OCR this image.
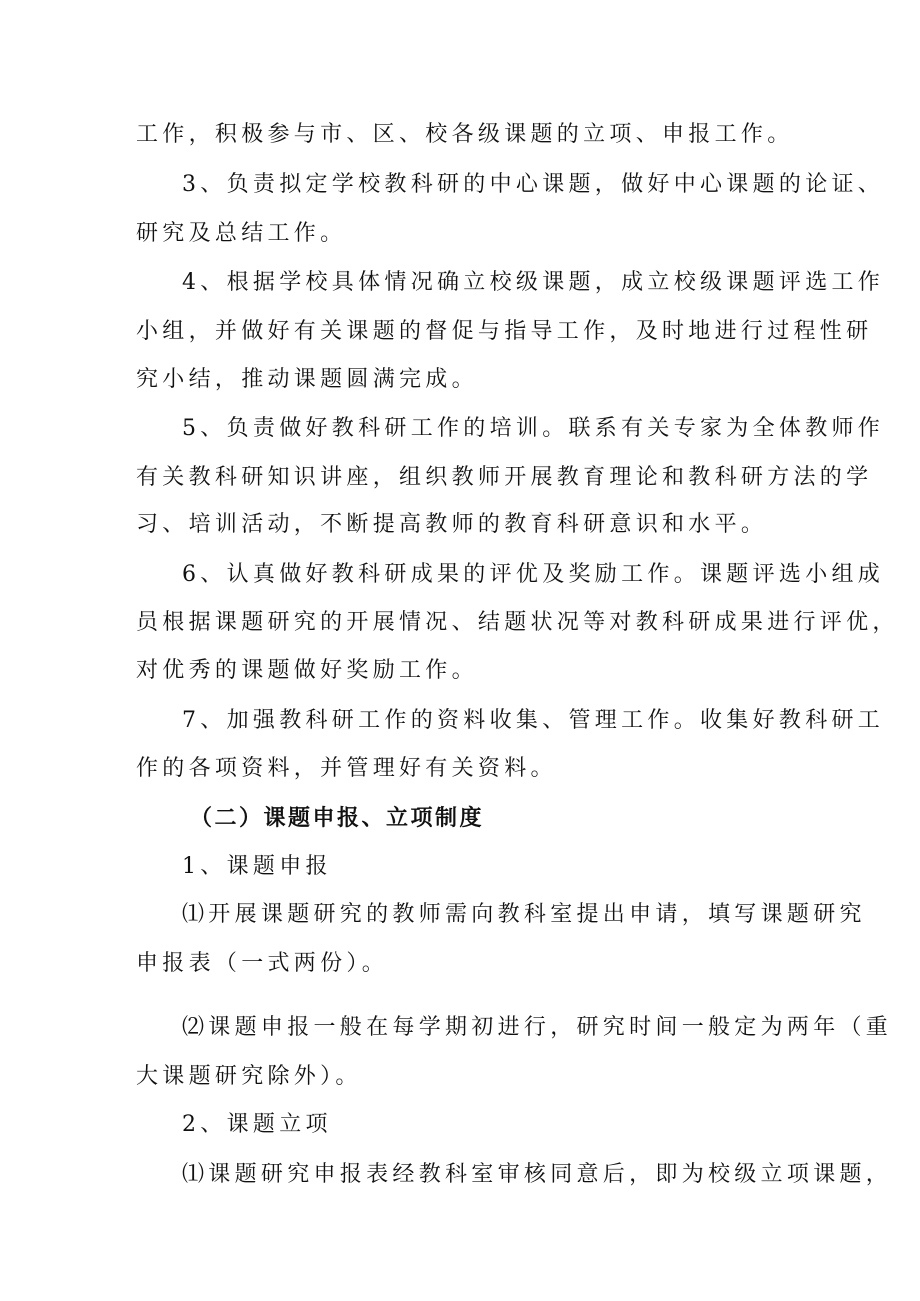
工作，积极参与市、区、校各级课题的立项、申报工作。
3、负责拟定学校教科研的中心课题，做好中心课题的论证、
研究及总结工作。
4、根据学校具体情况确立校级课题，成立校级课题评选工作
小组，并做好有关课题的督促与指导工作，及时地进行过程性研
究小结，推动课题圆满完成。
5、负责做好教科研工作的培训。联系有关专家为全体教师作
有关教科研知识讲座，组织教师开展教育理论和教科研方法的学
习、培训活动，不断提高教师的教育科研意识和水平。
6、认真做好教科研成果的评优及奖励工作。课题评选小组成
员根据课题研究的开展情况、结题状况等对教科研成果进行评优，
对优秀的课题做好奖励工作。
7、加强教科研工作的资料收集、管理工作。收集好教科研工
作的各项资料，并管理好有关资料。
（二）课题申报、立项制度
1、课题申报
⑴开展课题研究的教师需向教科室提出申请，填写课题研究
申报表（一式两份）。
⑵课题申报一般在每学期初进行，研究时间一般定为两年（重
大课题研究除外）。
2、课题立项
⑴课题研究申报表经教科室审核同意后，即为校级立项课题，
